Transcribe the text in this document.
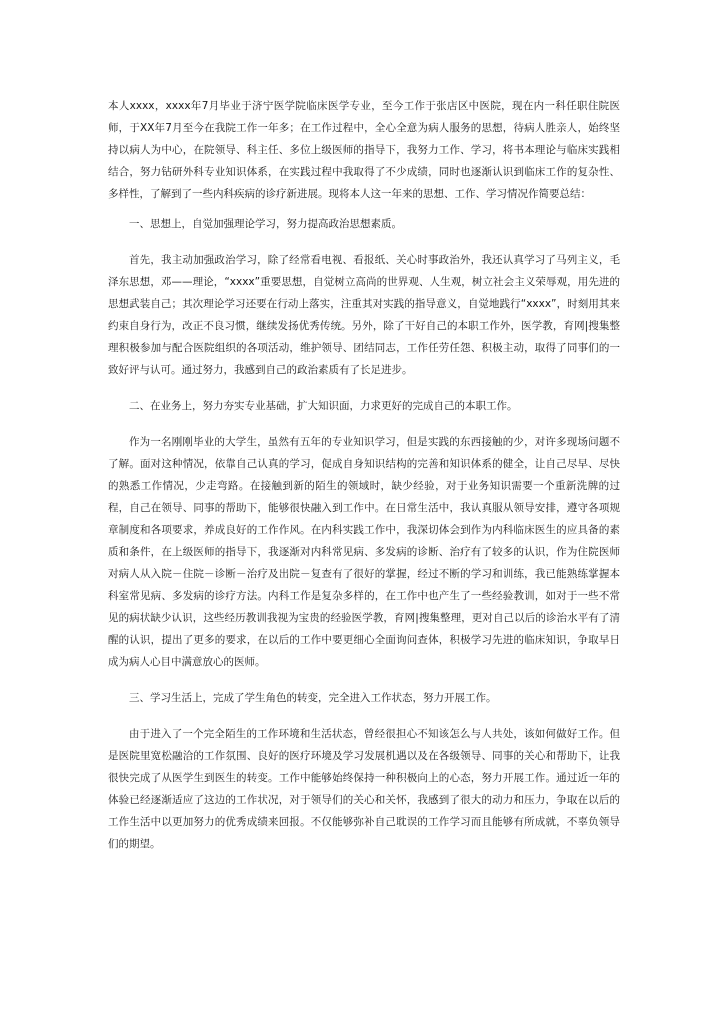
本人xxxx，xxxx年7月毕业于济宁医学院临床医学专业，至今工作于张店区中医院，现在内一科任职住院医师，于XX年7月至今在我院工作一年多；在工作过程中，全心全意为病人服务的思想，待病人胜亲人，始终坚持以病人为中心，在院领导、科主任、多位上级医师的指导下，我努力工作、学习，将书本理论与临床实践相结合，努力钻研外科专业知识体系，在实践过程中我取得了不少成绩，同时也逐渐认识到临床工作的复杂性、多样性，了解到了一些内科疾病的诊疗新进展。现将本人这一年来的思想、工作、学习情况作简要总结：

一、思想上，自觉加强理论学习，努力提高政治思想素质。

首先，我主动加强政治学习，除了经常看电视、看报纸、关心时事政治外，我还认真学习了马列主义，毛泽东思想，邓——理论，“xxxx”重要思想，自觉树立高尚的世界观、人生观，树立社会主义荣辱观，用先进的思想武装自己；其次理论学习还要在行动上落实，注重其对实践的指导意义，自觉地践行“xxxx”，时刻用其来约束自身行为，改正不良习惯，继续发扬优秀传统。另外，除了干好自己的本职工作外，医学教，育网|搜集整理积极参加与配合医院组织的各项活动，维护领导、团结同志，工作任劳任怨、积极主动，取得了同事们的一致好评与认可。通过努力，我感到自己的政治素质有了长足进步。

二、在业务上，努力夯实专业基础，扩大知识面，力求更好的完成自己的本职工作。

作为一名刚刚毕业的大学生，虽然有五年的专业知识学习，但是实践的东西接触的少，对许多现场问题不了解。面对这种情况，依靠自己认真的学习，促成自身知识结构的完善和知识体系的健全，让自己尽早、尽快的熟悉工作情况，少走弯路。在接触到新的陌生的领域时，缺少经验，对于业务知识需要一个重新洗牌的过程，自己在领导、同事的帮助下，能够很快融入到工作中。在日常生活中，我认真服从领导安排，遵守各项规章制度和各项要求，养成良好的工作作风。在内科实践工作中，我深切体会到作为内科临床医生的应具备的素质和条件，在上级医师的指导下，我逐渐对内科常见病、多发病的诊断、治疗有了较多的认识，作为住院医师对病人从入院－住院－诊断－治疗及出院－复查有了很好的掌握，经过不断的学习和训练，我已能熟练掌握本科室常见病、多发病的诊疗方法。内科工作是复杂多样的，在工作中也产生了一些经验教训，如对于一些不常见的病状缺少认识，这些经历教训我视为宝贵的经验医学教，育网|搜集整理，更对自己以后的诊治水平有了清醒的认识，提出了更多的要求，在以后的工作中要更细心全面询问查体，积极学习先进的临床知识，争取早日成为病人心目中满意放心的医师。

三、学习生活上，完成了学生角色的转变，完全进入工作状态，努力开展工作。

由于进入了一个完全陌生的工作环境和生活状态，曾经很担心不知该怎么与人共处，该如何做好工作。但是医院里宽松融洽的工作氛围、良好的医疗环境及学习发展机遇以及在各级领导、同事的关心和帮助下，让我很快完成了从医学生到医生的转变。工作中能够始终保持一种积极向上的心态，努力开展工作。通过近一年的体验已经逐渐适应了这边的工作状况，对于领导们的关心和关怀，我感到了很大的动力和压力，争取在以后的工作生活中以更加努力的优秀成绩来回报。不仅能够弥补自己耽误的工作学习而且能够有所成就，不辜负领导们的期望。
